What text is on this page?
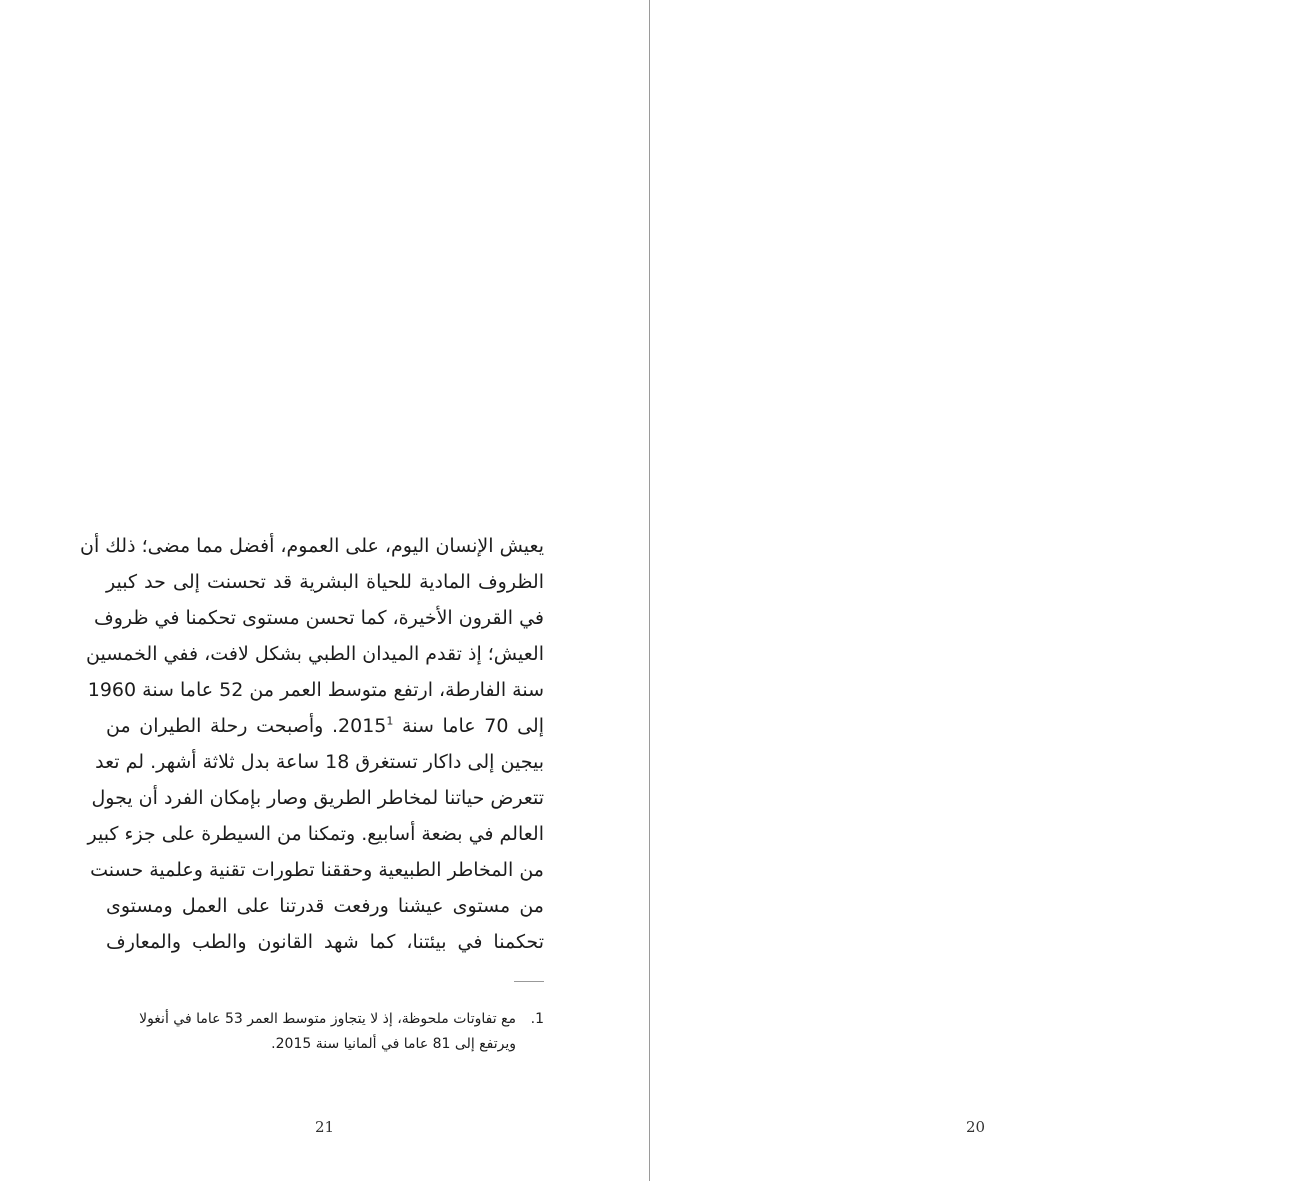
يعيش الإنسان اليوم، على العموم، أفضل مما مضى؛ ذلك أن
الظروف المادية للحياة البشرية قد تحسنت إلى حد كبير
في القرون الأخيرة، كما تحسن مستوى تحكمنا في ظروف
العيش؛ إذ تقدم الميدان الطبي بشكل لافت، ففي الخمسين
سنة الفارطة، ارتفع متوسط العمر من 52 عاما سنة 1960
إلى 70 عاما سنة 2015$^1$. وأصبحت رحلة الطيران من
بيجين إلى داكار تستغرق 18 ساعة بدل ثلاثة أشهر. لم تعد
تتعرض حياتنا لمخاطر الطريق وصار بإمكان الفرد أن يجول
العالم في بضعة أسابيع. وتمكنا من السيطرة على جزء كبير
من المخاطر الطبيعية وحققنا تطورات تقنية وعلمية حسنت
من مستوى عيشنا ورفعت قدرتنا على العمل ومستوى
تحكمنا في بيئتنا، كما شهد القانون والطب والمعارف
1.
مع تفاوتات ملحوظة، إذ لا يتجاوز متوسط العمر 53 عاما في أنغولا
ويرتفع إلى 81 عاما في ألمانيا سنة 2015.
21	20
